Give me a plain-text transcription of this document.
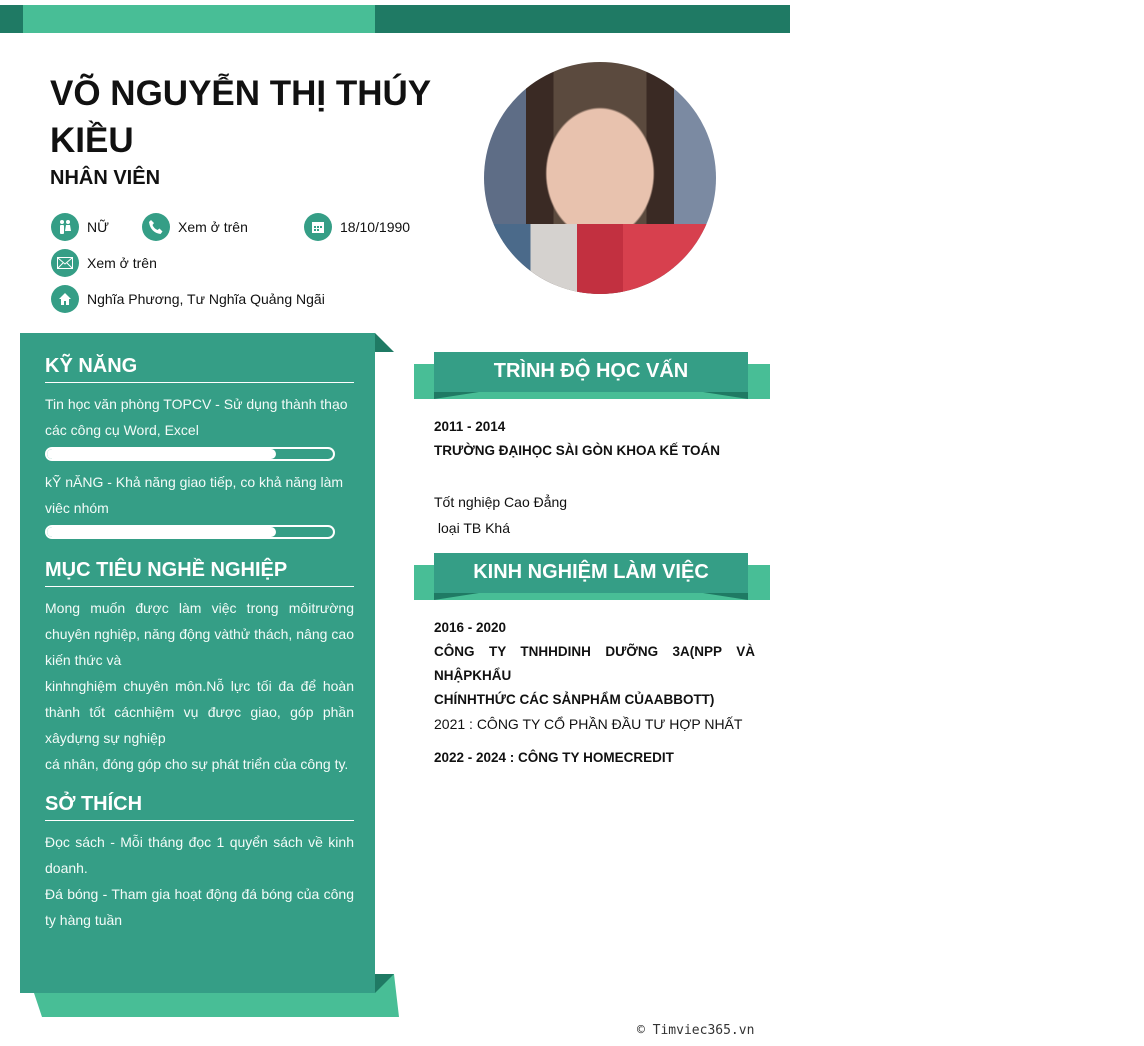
VÕ NGUYỄN THỊ THÚY KIỀU
NHÂN VIÊN
NỮ	Xem ở trên	18/10/1990
Xem ở trên
Nghĩa Phương, Tư Nghĩa Quảng Ngãi
KỸ NĂNG
Tin học văn phòng TOPCV - Sử dụng thành thạo các công cụ Word, Excel
kỸ nĂNG - Khả năng giao tiếp, co khả năng làm viêc nhóm
MỤC TIÊU NGHỀ NGHIỆP
Mong muốn được làm việc trong môitrường chuyên nghiệp, năng động vàthử thách, nâng cao kiến thức và
kinhnghiệm chuyên môn.Nỗ lực tối đa để hoàn thành tốt cácnhiệm vụ được giao, góp phần xâydựng sự nghiệp
cá nhân, đóng góp cho sự phát triển của công ty.
SỞ THÍCH
Đọc sách - Mỗi tháng đọc 1 quyển sách về kinh doanh.
Đá bóng - Tham gia hoạt động đá bóng của công ty hàng tuần
TRÌNH ĐỘ HỌC VẤN
2011 - 2014
TRƯỜNG ĐẠIHỌC SÀI GÒN KHOA KẾ TOÁN
Tốt nghiệp Cao Đẳng
loại TB Khá
KINH NGHIỆM LÀM VIỆC
2016 - 2020
CÔNG TY TNHHDINH DƯỠNG 3A(NPP VÀ NHẬPKHẨU
CHÍNHTHỨC CÁC SẢNPHẨM CỦAABBOTT)
2021 : CÔNG TY CỔ PHẦN ĐẦU TƯ HỢP NHẤT
2022 - 2024 : CÔNG TY HOMECREDIT
© Timviec365.vn
